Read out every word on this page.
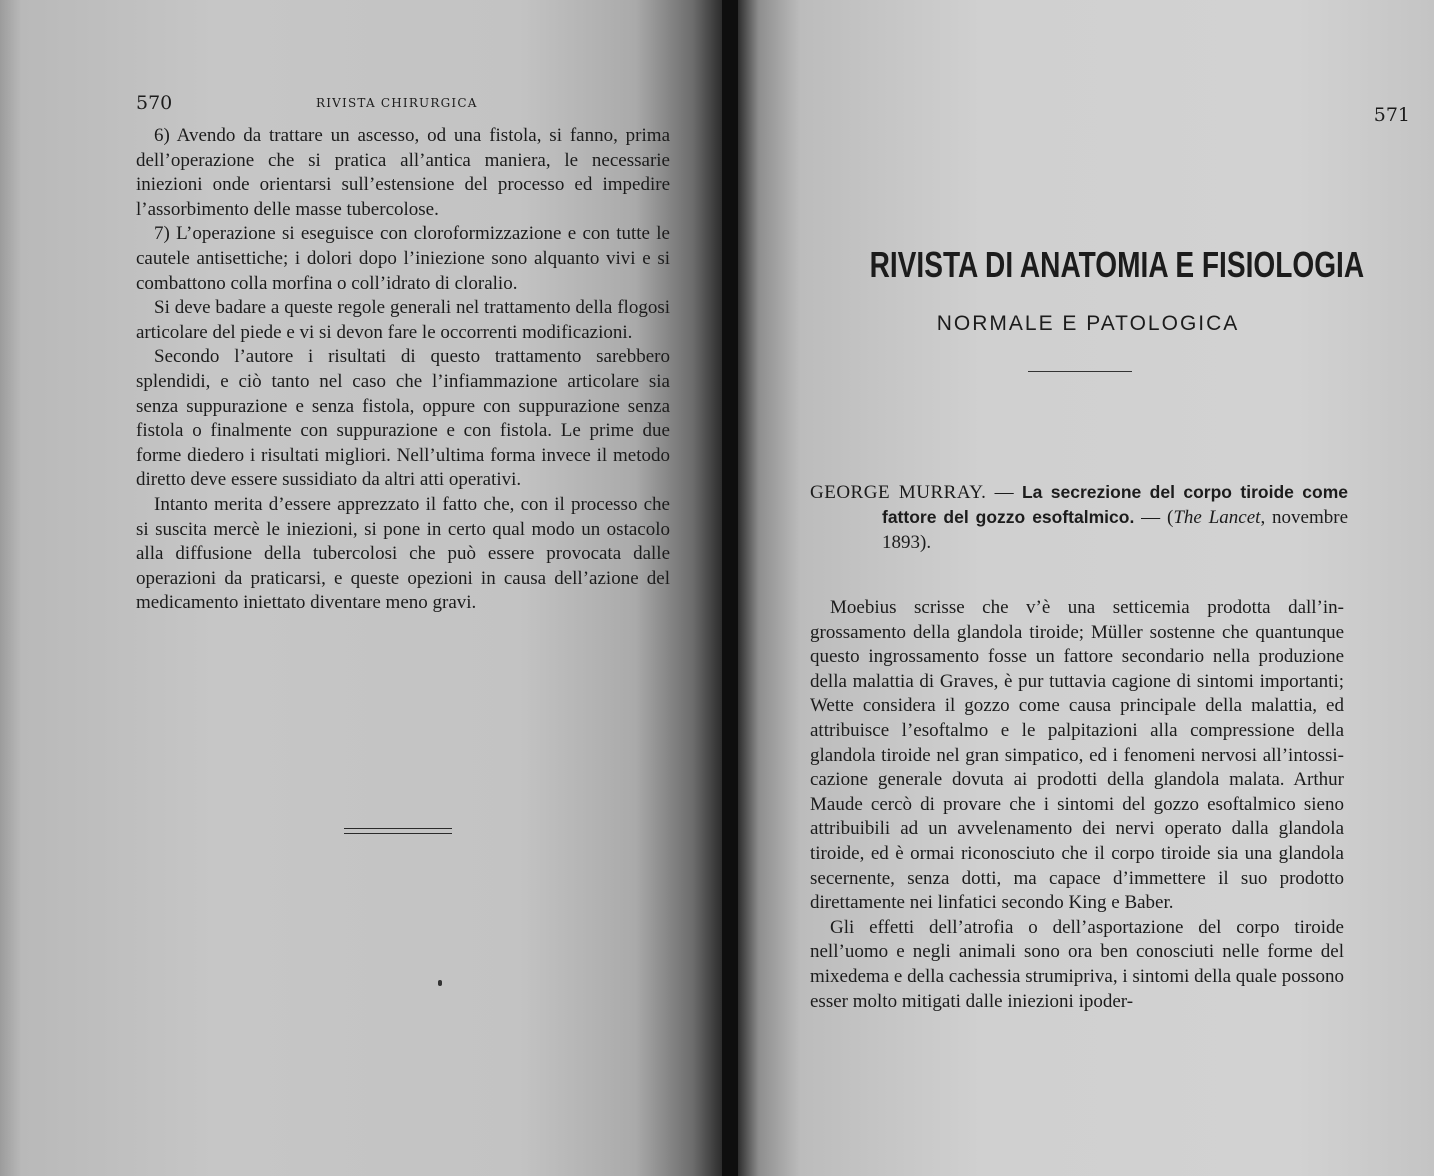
570	RIVISTA CHIRURGICA

6) Avendo da trattare un ascesso, od una fistola, si fanno, prima dell’operazione che si pratica all’antica maniera, le necessarie iniezioni onde orientarsi sull’estensione del processo ed impedire l’assorbimento delle masse tubercolose.

7) L’operazione si eseguisce con cloroformizzazione e con tutte le cautele antisettiche; i dolori dopo l’iniezione sono alquanto vivi e si combattono colla morfina o coll’idrato di cloralio.

Si deve badare a queste regole generali nel trattamento della flogosi articolare del piede e vi si devon fare le occorrenti modificazioni.

Secondo l’autore i risultati di questo trattamento sarebbero splendidi, e ciò tanto nel caso che l’infiammazione articolare sia senza suppurazione e senza fistola, oppure con suppurazione senza fistola o finalmente con suppurazione e con fistola. Le prime due forme diedero i risultati migliori. Nell’ultima forma invece il metodo diretto deve essere sussidiato da altri atti operativi.

Intanto merita d’essere apprezzato il fatto che, con il processo che si suscita mercè le iniezioni, si pone in certo qual modo un ostacolo alla diffusione della tubercolosi che può essere provocata dalle operazioni da praticarsi, e queste opezioni in causa dell’azione del medicamento iniettato diventare meno gravi.

571
RIVISTA DI ANATOMIA E FISIOLOGIA
NORMALE E PATOLOGICA
GEORGE MURRAY. — La secrezione del corpo tiroide come fattore del gozzo esoftalmico. — (The Lancet, novembre 1893).

Moebius scrisse che v’è una setticemia prodotta dall’ingrossamento della glandola tiroide; Müller sostenne che quantunque questo ingrossamento fosse un fattore secondario nella produzione della malattia di Graves, è pur tuttavia cagione di sintomi importanti; Wette considera il gozzo come causa principale della malattia, ed attribuisce l’esoftalmo e le palpitazioni alla compressione della glandola tiroide nel gran simpatico, ed i fenomeni nervosi all’intossicazione generale dovuta ai prodotti della glandola malata. Arthur Maude cercò di provare che i sintomi del gozzo esoftalmico sieno attribuibili ad un avvelenamento dei nervi operato dalla glandola tiroide, ed è ormai riconosciuto che il corpo tiroide sia una glandola secernente, senza dotti, ma capace d’immettere il suo prodotto direttamente nei linfatici secondo King e Baber.

Gli effetti dell’atrofia o dell’asportazione del corpo tiroide nell’uomo e negli animali sono ora ben conosciuti nelle forme del mixedema e della cachessia strumipriva, i sintomi della quale possono esser molto mitigati dalle iniezioni ipoder-
